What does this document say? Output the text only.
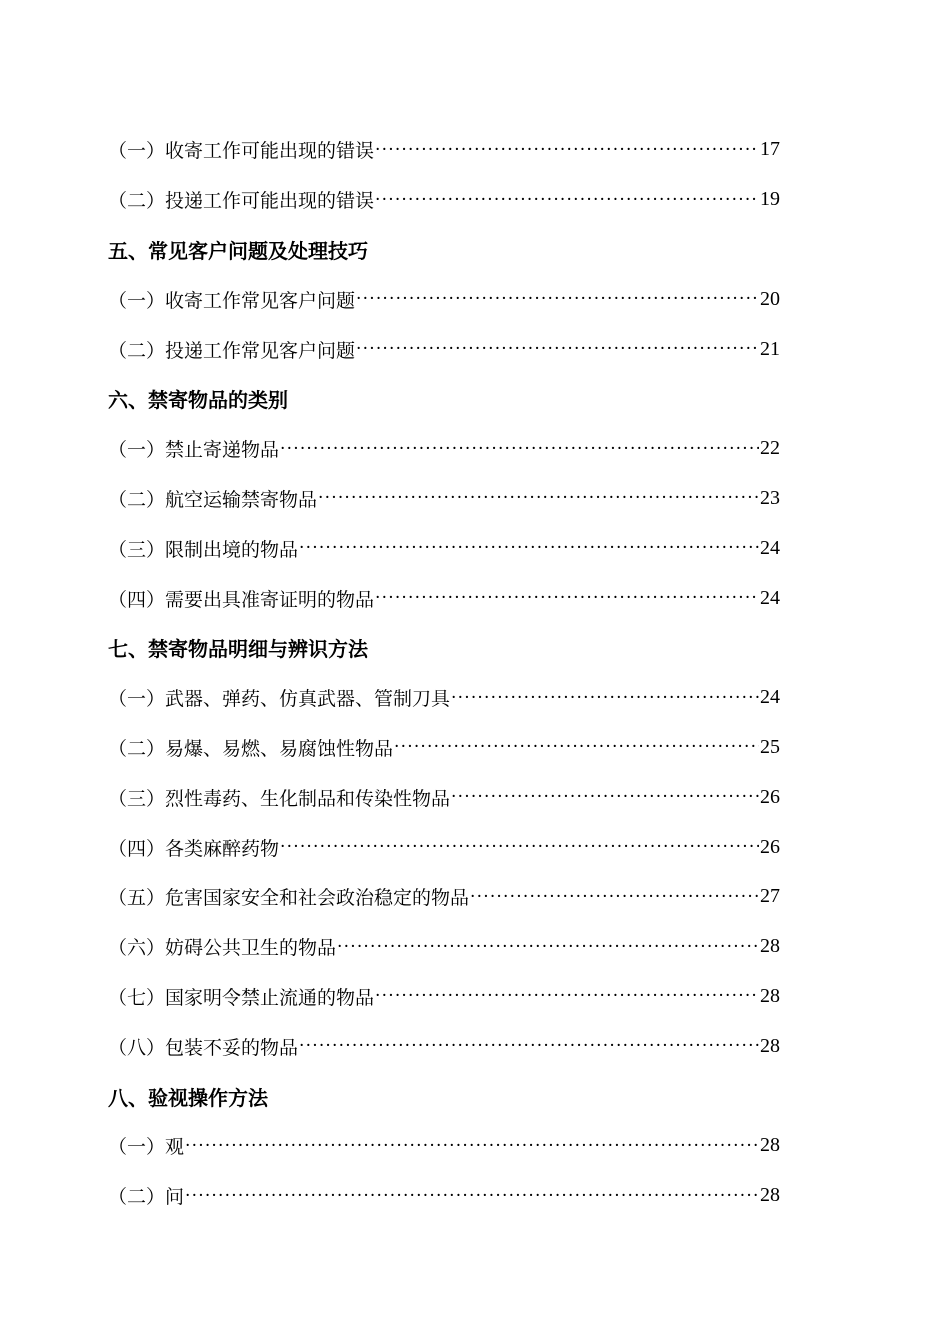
（一）收寄工作可能出现的错误 ·····	17
（二）投递工作可能出现的错误 ·····	19
五、常见客户问题及处理技巧
（一）收寄工作常见客户问题 ·····	20
（二）投递工作常见客户问题 ·····	21
六、禁寄物品的类别
（一）禁止寄递物品 ·····	22
（二）航空运输禁寄物品 ·····	23
（三）限制出境的物品 ·····	24
（四）需要出具准寄证明的物品 ·····	24
七、禁寄物品明细与辨识方法
（一）武器、弹药、仿真武器、管制刀具 ·····	24
（二）易爆、易燃、易腐蚀性物品 ·····	25
（三）烈性毒药、生化制品和传染性物品 ·····	26
（四）各类麻醉药物 ·····	26
（五）危害国家安全和社会政治稳定的物品 ·····	27
（六）妨碍公共卫生的物品 ·····	28
（七）国家明令禁止流通的物品 ·····	28
（八）包装不妥的物品 ·····	28
八、验视操作方法
（一）观 ·····	28
（二）问 ·····	28
